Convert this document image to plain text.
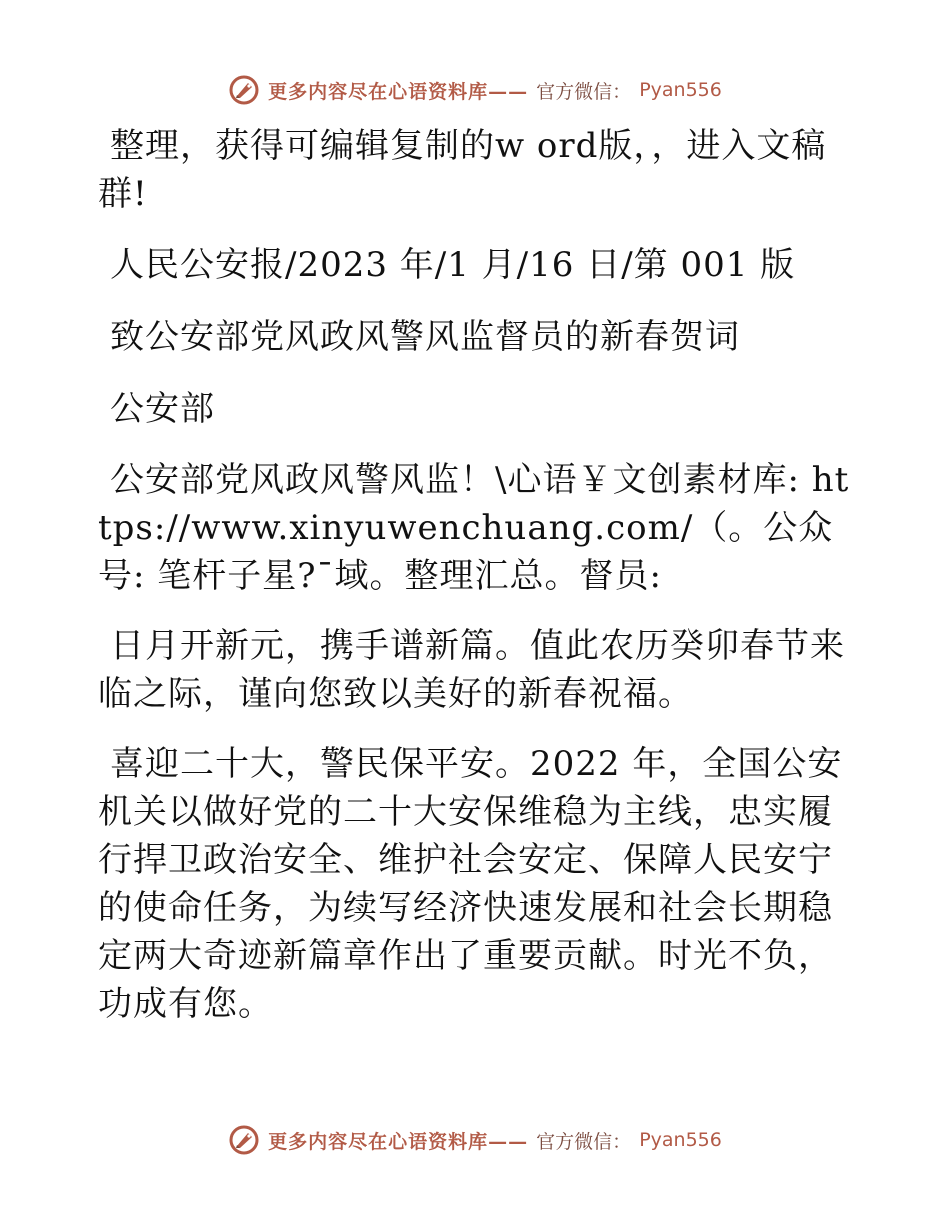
更多内容尽在心语资料库—— 官方微信： Pyan556

整理，获得可编辑复制的w ord版，，进入文稿群!

人民公安报/2023 年/1 月/16 日/第 001 版

致公安部党风政风警风监督员的新春贺词

公安部

公安部党风政风警风监！\心语￥文创素材库: https://www.xinyuwenchuang.com/（。公众号: 笔杆子星?¯域。整理汇总。督员:

日月开新元，携手谱新篇。值此农历癸卯春节来临之际，谨向您致以美好的新春祝福。

喜迎二十大，警民保平安。2022 年，全国公安机关以做好党的二十大安保维稳为主线，忠实履行捍卫政治安全、维护社会安定、保障人民安宁的使命任务，为续写经济快速发展和社会长期稳定两大奇迹新篇章作出了重要贡献。时光不负，功成有您。

更多内容尽在心语资料库—— 官方微信： Pyan556
